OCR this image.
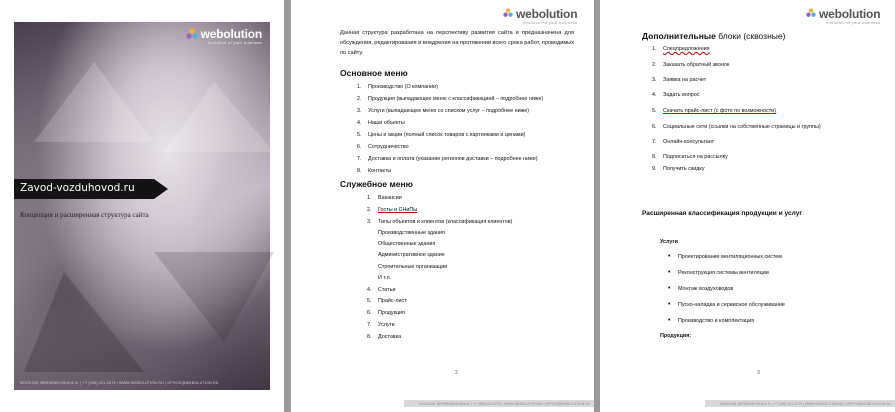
webolution
evolution of your business
Zavod-vozduhovod.ru
Концепция и расширенная структура сайта
MOSCOW, BERSENEVSKAYA N. | +7 (495) 221-0079 | WWW.WEBOLUTION.RU | OFFICE@WEBOLUTION.RU
webolution
evolution of your business
Данная структура разработана на перспективу развития сайта и предназначена для обсуждения, редактирования и внедрения на протяжении всего срока работ, проводимых по сайту.
Основное меню
1. Производство (О компании)
2. Продукция (выпадающее меню с классификацией – подробнее ниже)
3. Услуги (выпадающее меню со списком услуг – подробнее ниже)
4. Наши объекты
5. Цены и акции (полный список товаров с картинками и ценами)
6. Сотрудничество
7. Доставка и оплата (указание регионов доставки – подробнее ниже)
8. Контакты
Служебное меню
1. Вакансии
2. Госты и СНиПы
3. Типы объектов и клиентов (классификация клиентов)
Производственные здания
Общественные здания
Административное здание
Строительные организации
И т.п.
4. Статьи
5. Прайс-лист
6. Продукция
7. Услуги
8. Доставка
2
MOSCOW, BERSENEVSKAYA N. | +7 (495) 221-0079 | WWW.WEBOLUTION.RU | OFFICE@WEBOLUTION.RU
webolution
evolution of your business
Дополнительные блоки (сквозные)
1. Спецпредложения
2. Заказать обратный звонок
3. Заявка на расчет
4. Задать вопрос
5. Скачать прайс-лист (с фото по возможности)
6. Социальные сети (ссылки на собственные страницы и группы)
7. Онлайн-консультант
8. Подписаться на рассылку
9. Получить скидку
Расширенная классификация продукции и услуг
Услуги
• Проектирование вентиляционных систем
• Реконструкция системы вентиляции
• Монтаж воздуховодов
• Пуско-наладка и сервисное обслуживание
• Производство и комплектация
Продукция:
3
MOSCOW, BERSENEVSKAYA N. | +7 (495) 221-0079 | WWW.WEBOLUTION.RU | OFFICE@WEBOLUTION.RU
